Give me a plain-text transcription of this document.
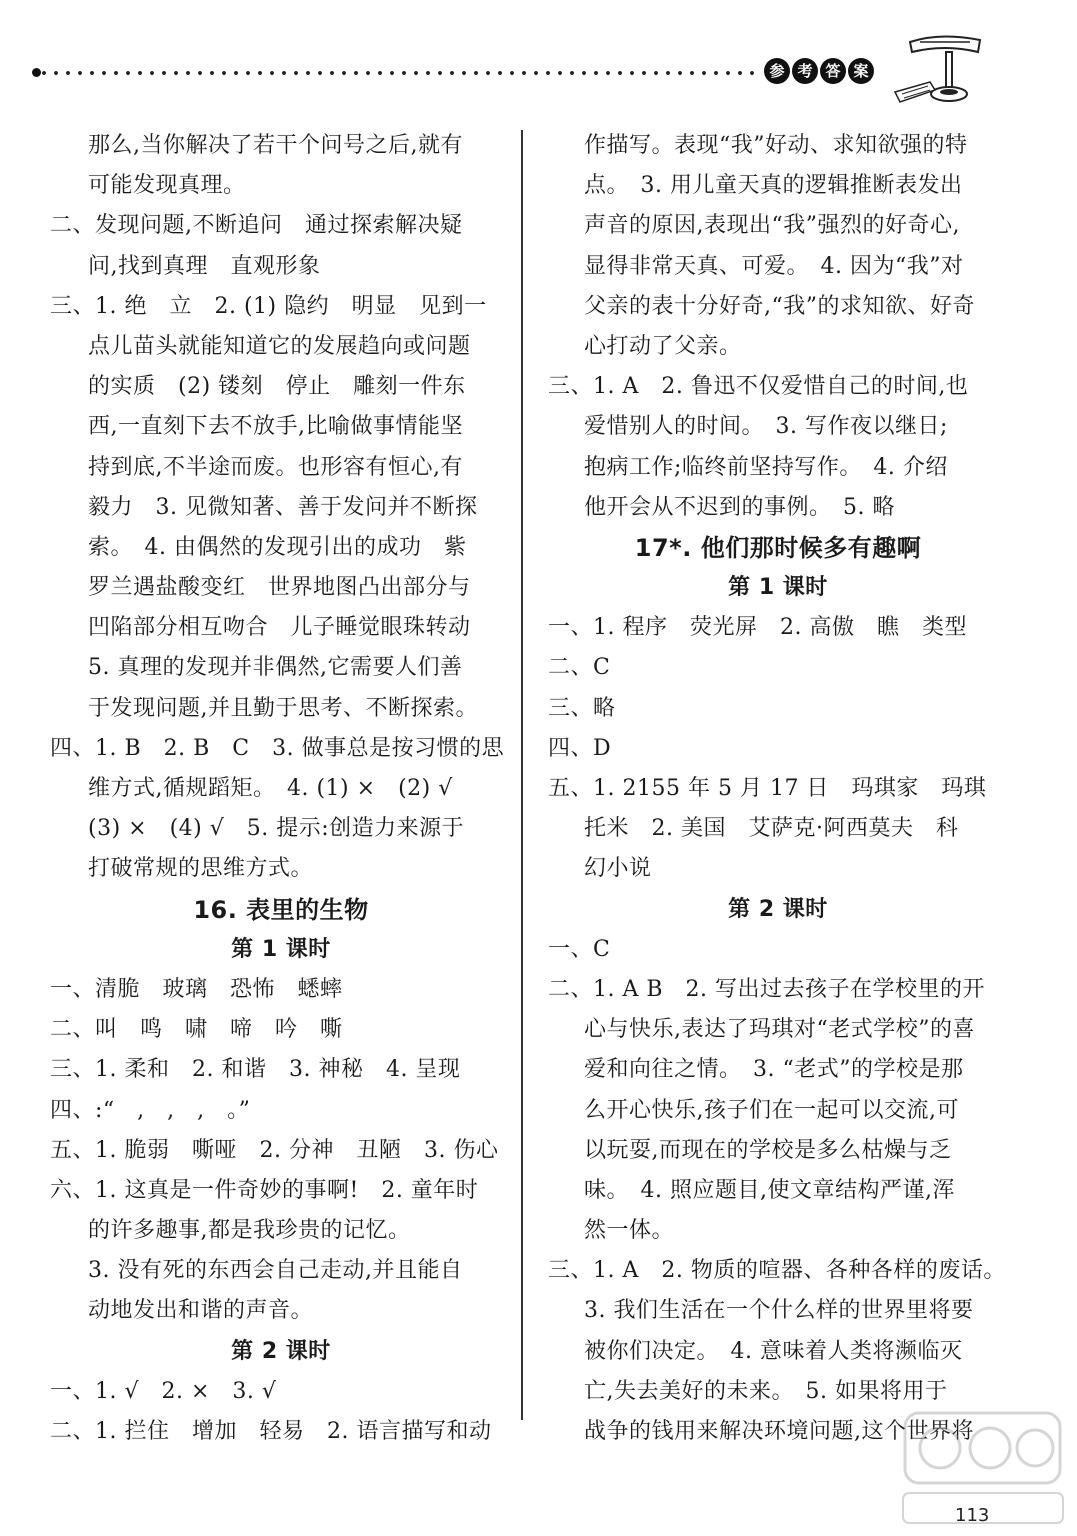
参 考 答 案
那么,当你解决了若干个问号之后,就有
可能发现真理。
二、发现问题,不断追问　通过探索解决疑
问,找到真理　直观形象
三、1. 绝　立　2. (1) 隐约　明显　见到一
点儿苗头就能知道它的发展趋向或问题
的实质　(2) 镂刻　停止　雕刻一件东
西,一直刻下去不放手,比喻做事情能坚
持到底,不半途而废。也形容有恒心,有
毅力　3. 见微知著、善于发问并不断探
索。　4. 由偶然的发现引出的成功　紫
罗兰遇盐酸变红　世界地图凸出部分与
凹陷部分相互吻合　儿子睡觉眼珠转动
5. 真理的发现并非偶然,它需要人们善
于发现问题,并且勤于思考、不断探索。
四、1. B　2. B　C　3. 做事总是按习惯的思
维方式,循规蹈矩。　4. (1) ×　(2) √
(3) ×　(4) √　5. 提示:创造力来源于
打破常规的思维方式。
16. 表里的生物
第 1 课时
一、清脆　玻璃　恐怖　蟋蟀
二、叫　鸣　啸　啼　吟　嘶
三、1. 柔和　2. 和谐　3. 神秘　4. 呈现
四、:“　,　,　,　。”
五、1. 脆弱　嘶哑　2. 分神　丑陋　3. 伤心
六、1. 这真是一件奇妙的事啊!　2. 童年时
的许多趣事,都是我珍贵的记忆。
3. 没有死的东西会自己走动,并且能自
动地发出和谐的声音。
第 2 课时
一、1. √　2. ×　3. √
二、1. 拦住　增加　轻易　2. 语言描写和动
作描写。表现“我”好动、求知欲强的特
点。　3. 用儿童天真的逻辑推断表发出
声音的原因,表现出“我”强烈的好奇心,
显得非常天真、可爱。　4. 因为“我”对
父亲的表十分好奇,“我”的求知欲、好奇
心打动了父亲。
三、1. A　2. 鲁迅不仅爱惜自己的时间,也
爱惜别人的时间。　3. 写作夜以继日;
抱病工作;临终前坚持写作。　4. 介绍
他开会从不迟到的事例。　5. 略
17*. 他们那时候多有趣啊
第 1 课时
一、1. 程序　荧光屏　2. 高傲　瞧　类型
二、C
三、略
四、D
五、1. 2155 年 5 月 17 日　玛琪家　玛琪
托米　2. 美国　艾萨克·阿西莫夫　科
幻小说
第 2 课时
一、C
二、1. A B　2. 写出过去孩子在学校里的开
心与快乐,表达了玛琪对“老式学校”的喜
爱和向往之情。　3. “老式”的学校是那
么开心快乐,孩子们在一起可以交流,可
以玩耍,而现在的学校是多么枯燥与乏
味。　4. 照应题目,使文章结构严谨,浑
然一体。
三、1. A　2. 物质的喧器、各种各样的废话。
3. 我们生活在一个什么样的世界里将要
被你们决定。　4. 意味着人类将濒临灭
亡,失去美好的未来。　5. 如果将用于
战争的钱用来解决环境问题,这个世界将
113
